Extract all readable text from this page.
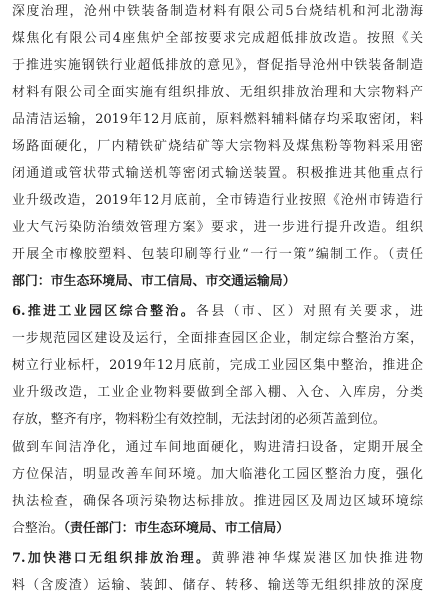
深度治理，沧州中铁装备制造材料有限公司5台烧结机和河北渤海
煤焦化有限公司4座焦炉全部按要求完成超低排放改造。按照《关
于推进实施钢铁行业超低排放的意见》，督促指导沧州中铁装备制造
材料有限公司全面实施有组织排放、无组织排放治理和大宗物料产
品清洁运输，2019年12月底前，原料燃料辅料储存均采取密闭，料
场路面硬化，厂内精铁矿烧结矿等大宗物料及煤焦粉等物料采用密
闭通道或管状带式输送机等密闭式输送装置。积极推进其他重点行
业升级改造，2019年12月底前，全市铸造行业按照《沧州市铸造行
业大气污染防治绩效管理方案》要求，进一步进行提升改造。组织
开展全市橡胶塑料、包装印刷等行业“一行一策”编制工作。（责任
部门：市生态环境局、市工信局、市交通运输局）
6.推进工业园区综合整治。各县（市、区）对照有关要求，进
一步规范园区建设及运行，全面排查园区企业，制定综合整治方案，
树立行业标杆，2019年12月底前，完成工业园区集中整治，推进企
业升级改造，工业企业物料要做到全部入棚、入仓、入库房，分类
存放，整齐有序，物料粉尘有效控制，无法封闭的必须苫盖到位。
做到车间洁净化，通过车间地面硬化，购进清扫设备，定期开展全
方位保洁，明显改善车间环境。加大临港化工园区整治力度，强化
执法检查，确保各项污染物达标排放。推进园区及周边区域环境综
合整治。（责任部门：市生态环境局、市工信局）
7.加快港口无组织排放治理。黄骅港神华煤炭港区加快推进物
料（含废渣）运输、装卸、储存、转移、输送等无组织排放的深度
